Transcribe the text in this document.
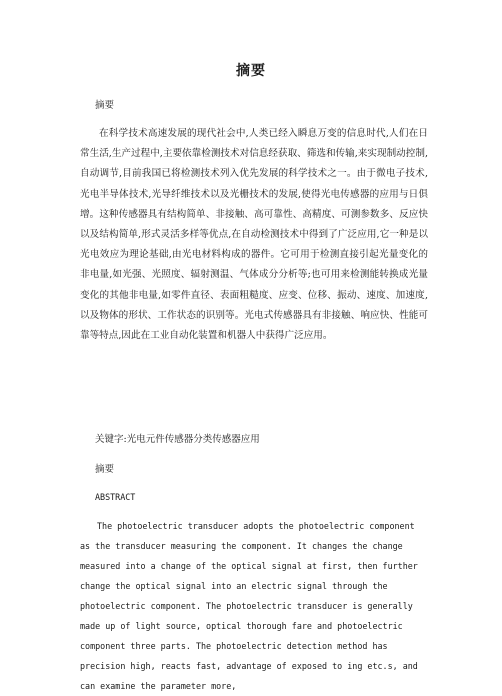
摘要
摘要

在科学技术高速发展的现代社会中,人类已经入瞬息万变的信息时代,人们在日常生活,生产过程中,主要依靠检测技术对信息经获取、筛选和传输,来实现制动控制,自动调节,目前我国已将检测技术列入优先发展的科学技术之一。由于微电子技术,光电半导体技术,光导纤维技术以及光栅技术的发展,使得光电传感器的应用与日俱增。这种传感器具有结构简单、非接触、高可靠性、高精度、可测参数多、反应快以及结构简单,形式灵活多样等优点,在自动检测技术中得到了广泛应用,它一种是以光电效应为理论基础,由光电材料构成的器件。它可用于检测直接引起光量变化的非电量,如光强、光照度、辐射测温、气体成分分析等;也可用来检测能转换成光量变化的其他非电量,如零件直径、表面粗糙度、应变、位移、振动、速度、加速度,以及物体的形状、工作状态的识别等。光电式传感器具有非接触、响应快、性能可靠等特点,因此在工业自动化装置和机器人中获得广泛应用。

关键字:光电元件传感器分类传感器应用
摘要
ABSTRACT

The photoelectric transducer adopts the photoelectric component as the transducer measuring the component. It changes the change measured into a change of the optical signal at first, then further change the optical signal into an electric signal through the photoelectric component. The photoelectric transducer is generally made up of light source, optical thorough fare and photoelectric component three parts. The photoelectric detection method has precision high, reacts fast, advantage of exposed to ing etc.s, and can examine the parameter more,
